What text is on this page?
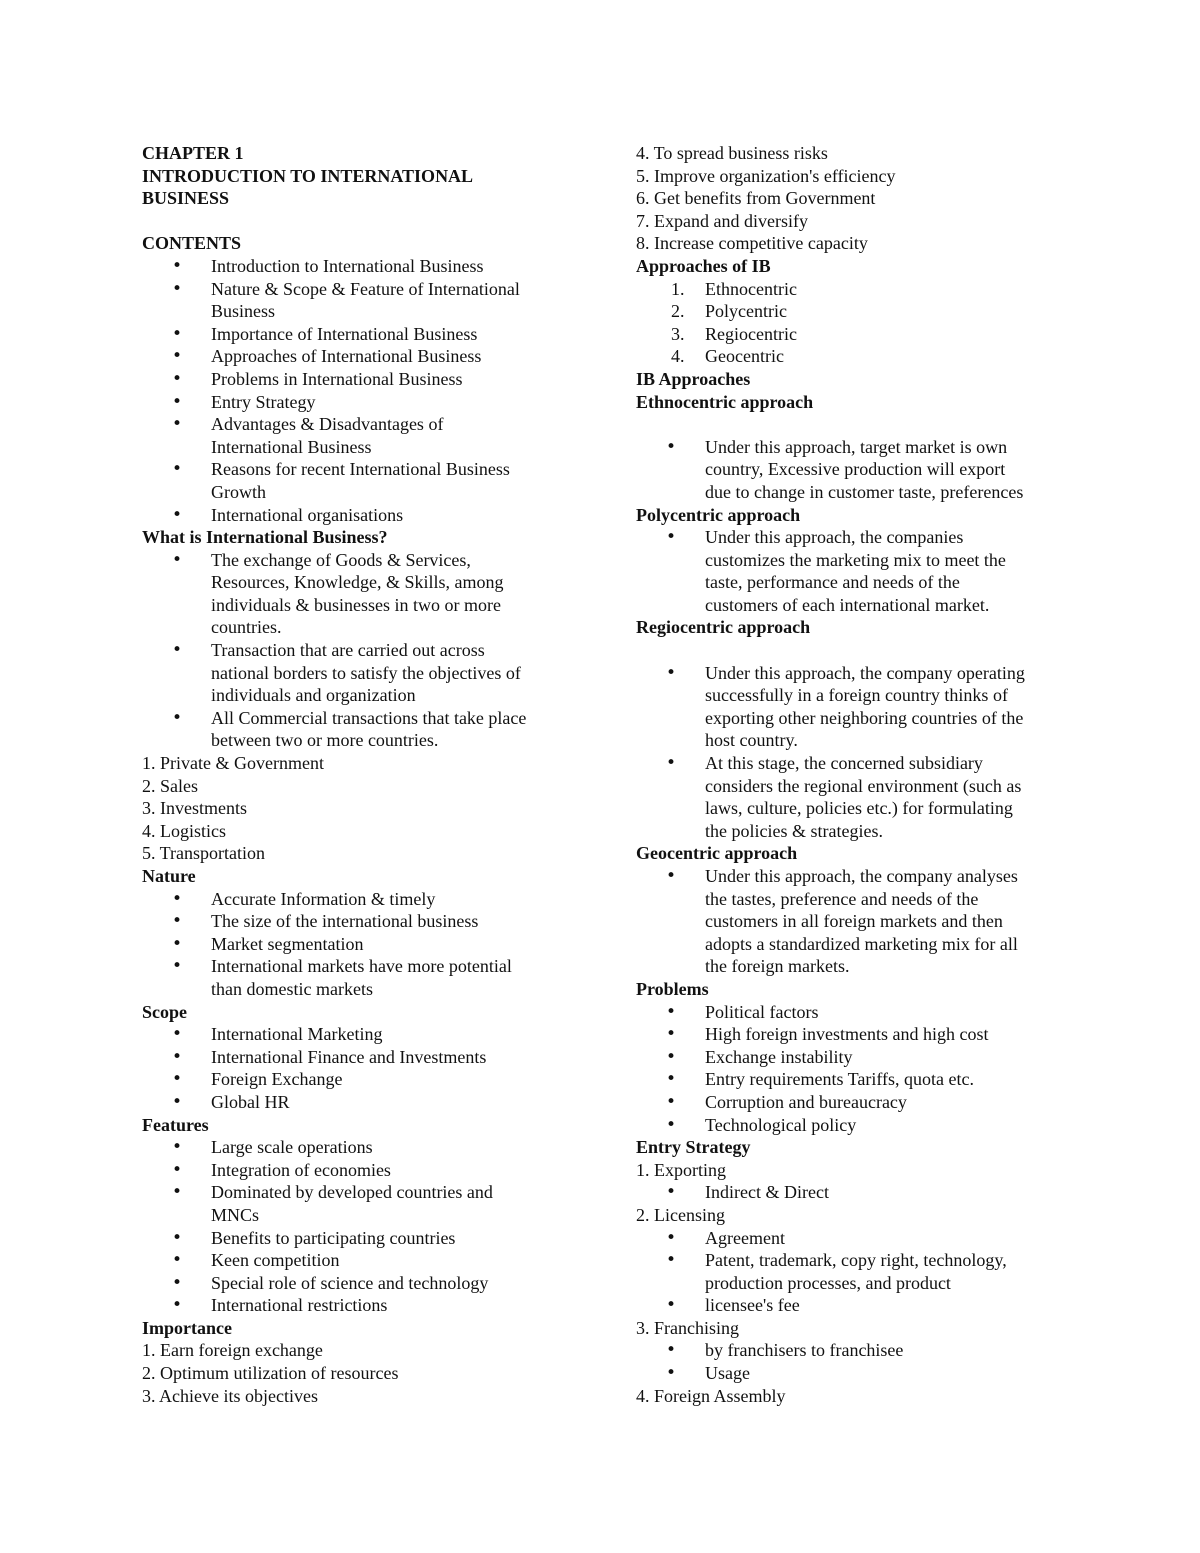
CHAPTER 1
INTRODUCTION TO INTERNATIONAL
BUSINESS
CONTENTS
• Introduction to International Business
• Nature & Scope & Feature of International
Business
• Importance of International Business
• Approaches of International Business
• Problems in International Business
• Entry Strategy
• Advantages & Disadvantages of
International Business
• Reasons for recent International Business
Growth
• International organisations
What is International Business?
• The exchange of Goods & Services,
Resources, Knowledge, & Skills, among
individuals & businesses in two or more
countries.
• Transaction that are carried out across
national borders to satisfy the objectives of
individuals and organization
• All Commercial transactions that take place
between two or more countries.
1. Private & Government
2. Sales
3. Investments
4. Logistics
5. Transportation
Nature
• Accurate Information & timely
• The size of the international business
• Market segmentation
• International markets have more potential
than domestic markets
Scope
• International Marketing
• International Finance and Investments
• Foreign Exchange
• Global HR
Features
• Large scale operations
• Integration of economies
• Dominated by developed countries and
MNCs
• Benefits to participating countries
• Keen competition
• Special role of science and technology
• International restrictions
Importance
1. Earn foreign exchange
2. Optimum utilization of resources
3. Achieve its objectives
4. To spread business risks
5. Improve organization's efficiency
6. Get benefits from Government
7. Expand and diversify
8. Increase competitive capacity
Approaches of IB
1. Ethnocentric
2. Polycentric
3. Regiocentric
4. Geocentric
IB Approaches
Ethnocentric approach
• Under this approach, target market is own
country, Excessive production will export
due to change in customer taste, preferences
Polycentric approach
• Under this approach, the companies
customizes the marketing mix to meet the
taste, performance and needs of the
customers of each international market.
Regiocentric approach
• Under this approach, the company operating
successfully in a foreign country thinks of
exporting other neighboring countries of the
host country.
• At this stage, the concerned subsidiary
considers the regional environment (such as
laws, culture, policies etc.) for formulating
the policies & strategies.
Geocentric approach
• Under this approach, the company analyses
the tastes, preference and needs of the
customers in all foreign markets and then
adopts a standardized marketing mix for all
the foreign markets.
Problems
• Political factors
• High foreign investments and high cost
• Exchange instability
• Entry requirements Tariffs, quota etc.
• Corruption and bureaucracy
• Technological policy
Entry Strategy
1. Exporting
• Indirect & Direct
2. Licensing
• Agreement
• Patent, trademark, copy right, technology,
production processes, and product
• licensee's fee
3. Franchising
• by franchisers to franchisee
• Usage
4. Foreign Assembly
